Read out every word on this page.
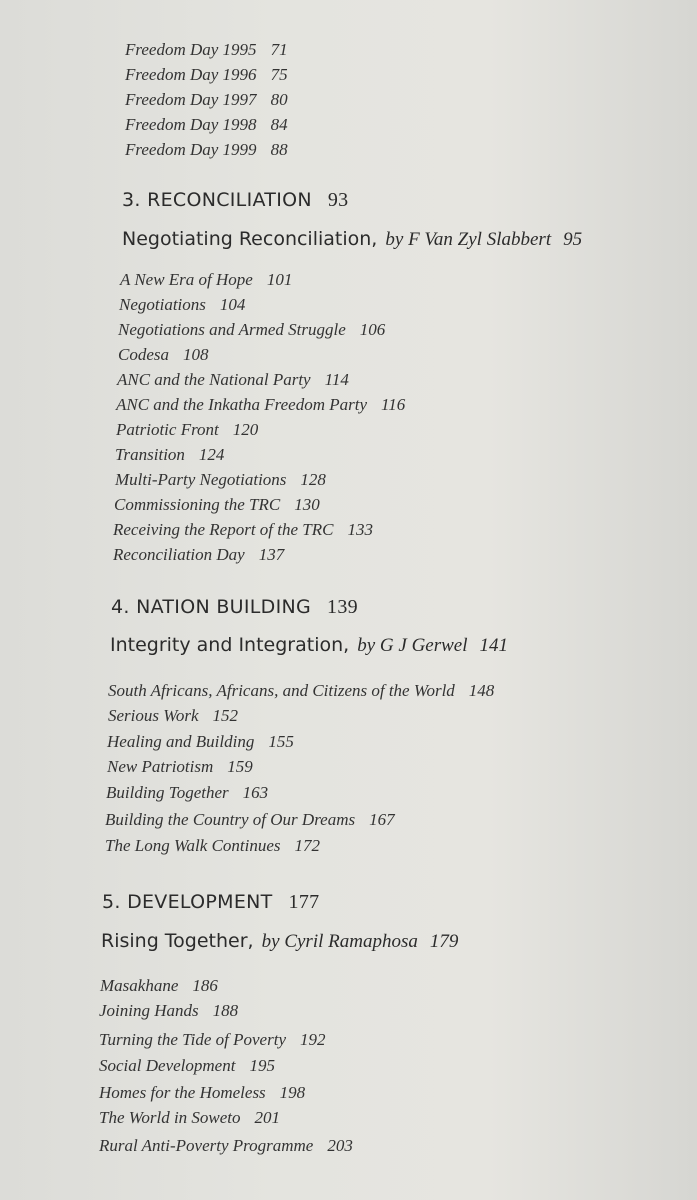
Freedom Day 1995 71
Freedom Day 1996 75
Freedom Day 1997 80
Freedom Day 1998 84
Freedom Day 1999 88
3. RECONCILIATION 93
Negotiating Reconciliation, by F Van Zyl Slabbert 95
A New Era of Hope 101
Negotiations 104
Negotiations and Armed Struggle 106
Codesa 108
ANC and the National Party 114
ANC and the Inkatha Freedom Party 116
Patriotic Front 120
Transition 124
Multi-Party Negotiations 128
Commissioning the TRC 130
Receiving the Report of the TRC 133
Reconciliation Day 137
4. NATION BUILDING 139
Integrity and Integration, by G J Gerwel 141
South Africans, Africans, and Citizens of the World 148
Serious Work 152
Healing and Building 155
New Patriotism 159
Building Together 163
Building the Country of Our Dreams 167
The Long Walk Continues 172
5. DEVELOPMENT 177
Rising Together, by Cyril Ramaphosa 179
Masakhane 186
Joining Hands 188
Turning the Tide of Poverty 192
Social Development 195
Homes for the Homeless 198
The World in Soweto 201
Rural Anti-Poverty Programme 203
